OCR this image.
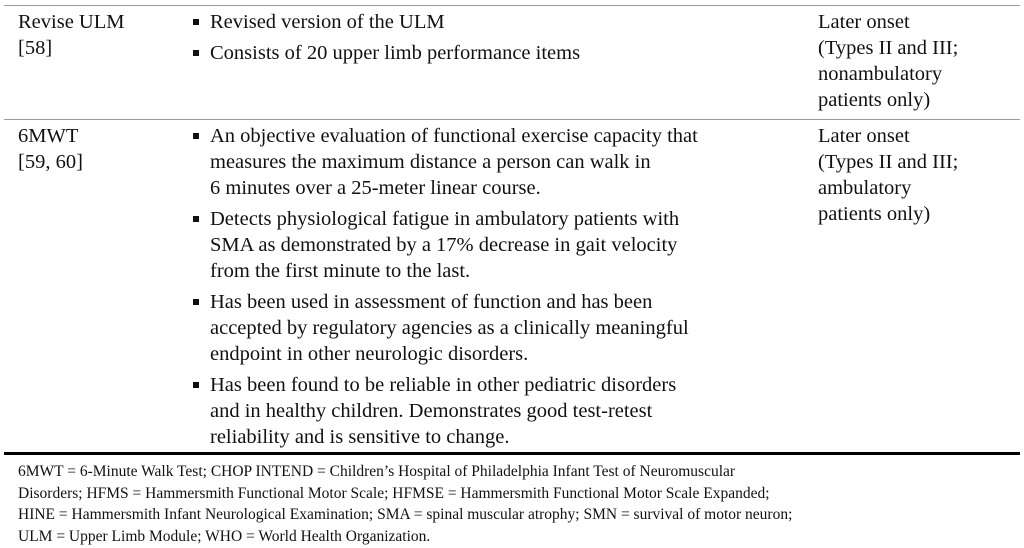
Revise ULM
[58]
Revised version of the ULM
Consists of 20 upper limb performance items
Later onset
(Types II and III;
nonambulatory
patients only)
6MWT
[59, 60]
An objective evaluation of functional exercise capacity that
measures the maximum distance a person can walk in
6 minutes over a 25-meter linear course.
Detects physiological fatigue in ambulatory patients with
SMA as demonstrated by a 17% decrease in gait velocity
from the first minute to the last.
Has been used in assessment of function and has been
accepted by regulatory agencies as a clinically meaningful
endpoint in other neurologic disorders.
Has been found to be reliable in other pediatric disorders
and in healthy children. Demonstrates good test-retest
reliability and is sensitive to change.
Later onset
(Types II and III;
ambulatory
patients only)
6MWT = 6-Minute Walk Test; CHOP INTEND = Children’s Hospital of Philadelphia Infant Test of Neuromuscular
Disorders; HFMS = Hammersmith Functional Motor Scale; HFMSE = Hammersmith Functional Motor Scale Expanded;
HINE = Hammersmith Infant Neurological Examination; SMA = spinal muscular atrophy; SMN = survival of motor neuron;
ULM = Upper Limb Module; WHO = World Health Organization.
